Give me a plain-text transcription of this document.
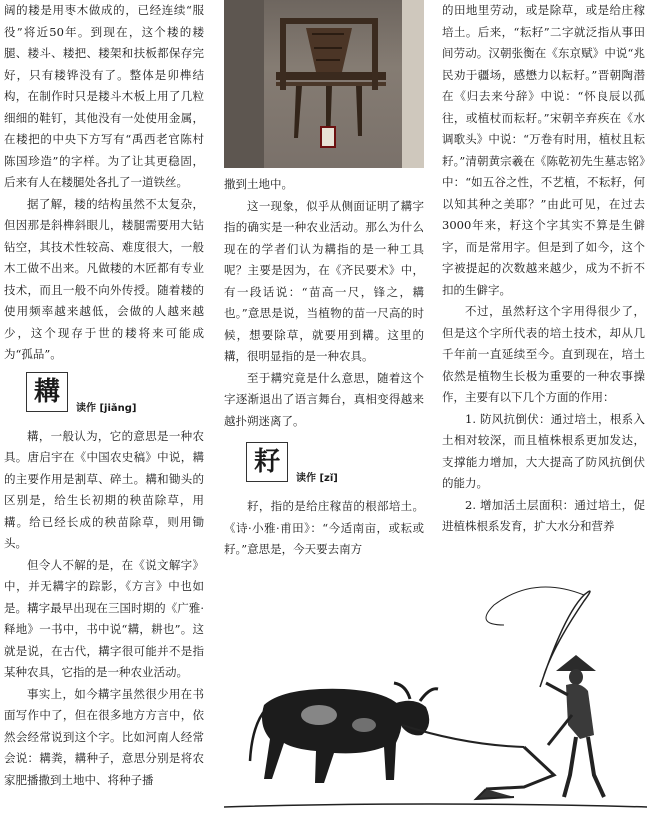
阔的耧是用枣木做成的，已经连续“服役”将近50年。到现在，这个耧的耧腿、耧斗、耧把、耧架和扶板都保存完好，只有耧铧没有了。整体是卯榫结构，在制作时只是耧斗木板上用了几粒细细的鞋钉，其他没有一处使用金属，在耧把的中央下方写有“禹西老官陈村陈国珍造”的字样。为了让其更稳固，后来有人在耧腿处各扎了一道铁丝。

据了解，耧的结构虽然不太复杂，但因那是斜榫斜眼儿，耧腿需要用大钻钻空，其技术性较高、难度很大，一般木工做不出来。凡做耧的木匠都有专业技术，而且一般不向外传授。随着耧的使用频率越来越低，会做的人越来越少，这个现存于世的耧将来可能成为“孤品”。

耩
读作 [jiǎng]

耩，一般认为，它的意思是一种农具。唐启宇在《中国农史稿》中说，耩的主要作用是割草、碎土。耩和锄头的区别是，给生长初期的秧苗除草，用耩。给已经长成的秧苗除草，则用锄头。

但令人不解的是，在《说文解字》中，并无耩字的踪影，《方言》中也如是。耩字最早出现在三国时期的《广雅·释地》一书中，书中说“耩，耕也”。这就是说，在古代，耩字很可能并不是指某种农具，它指的是一种农业活动。

事实上，如今耩字虽然很少用在书面写作中了，但在很多地方方言中，依然会经常说到这个字。比如河南人经常会说：耩粪，耩种子，意思分别是将农家肥播撒到土地中、将种子播

撒到土地中。

这一现象，似乎从侧面证明了耩字指的确实是一种农业活动。那么为什么现在的学者们认为耩指的是一种工具呢？主要是因为，在《齐民要术》中，有一段话说：“苗高一尺，锋之，耩也。”意思是说，当植物的苗一尺高的时候，想要除草，就要用到耩。这里的耩，很明显指的是一种农具。

至于耩究竟是什么意思，随着这个字逐渐退出了语言舞台，真相变得越来越扑朔迷离了。

耔
读作 [zǐ]

耔，指的是给庄稼苗的根部培土。《诗·小雅·甫田》：“今适南亩，或耘或耔。”意思是，今天要去南方

的田地里劳动，或是除草，或是给庄稼培土。后来，“耘耔”二字就泛指从事田间劳动。汉朝张衡在《东京赋》中说“兆民劝于疆场，感懋力以耘耔。”晋朝陶潜在《归去来兮辞》中说：“怀良辰以孤往，或植杖而耘耔。”宋朝辛弃疾在《水调歌头》中说：“万卷有时用，植杖且耘耔。”清朝黄宗羲在《陈乾初先生墓志铭》中：“如五谷之性，不艺植，不耘耔，何以知其种之美耶？”由此可见，在过去3000年来，耔这个字其实不算是生僻字，而是常用字。但是到了如今，这个字被提起的次数越来越少，成为不折不扣的生僻字。

不过，虽然耔这个字用得很少了，但是这个字所代表的培土技术，却从几千年前一直延续至今。直到现在，培土依然是植物生长极为重要的一种农事操作，主要有以下几个方面的作用：

1. 防风抗倒伏：通过培土，根系入土相对较深，而且植株根系更加发达，支撑能力增加，大大提高了防风抗倒伏的能力。

2. 增加活土层面积：通过培土，促进植株根系发育，扩大水分和营养
